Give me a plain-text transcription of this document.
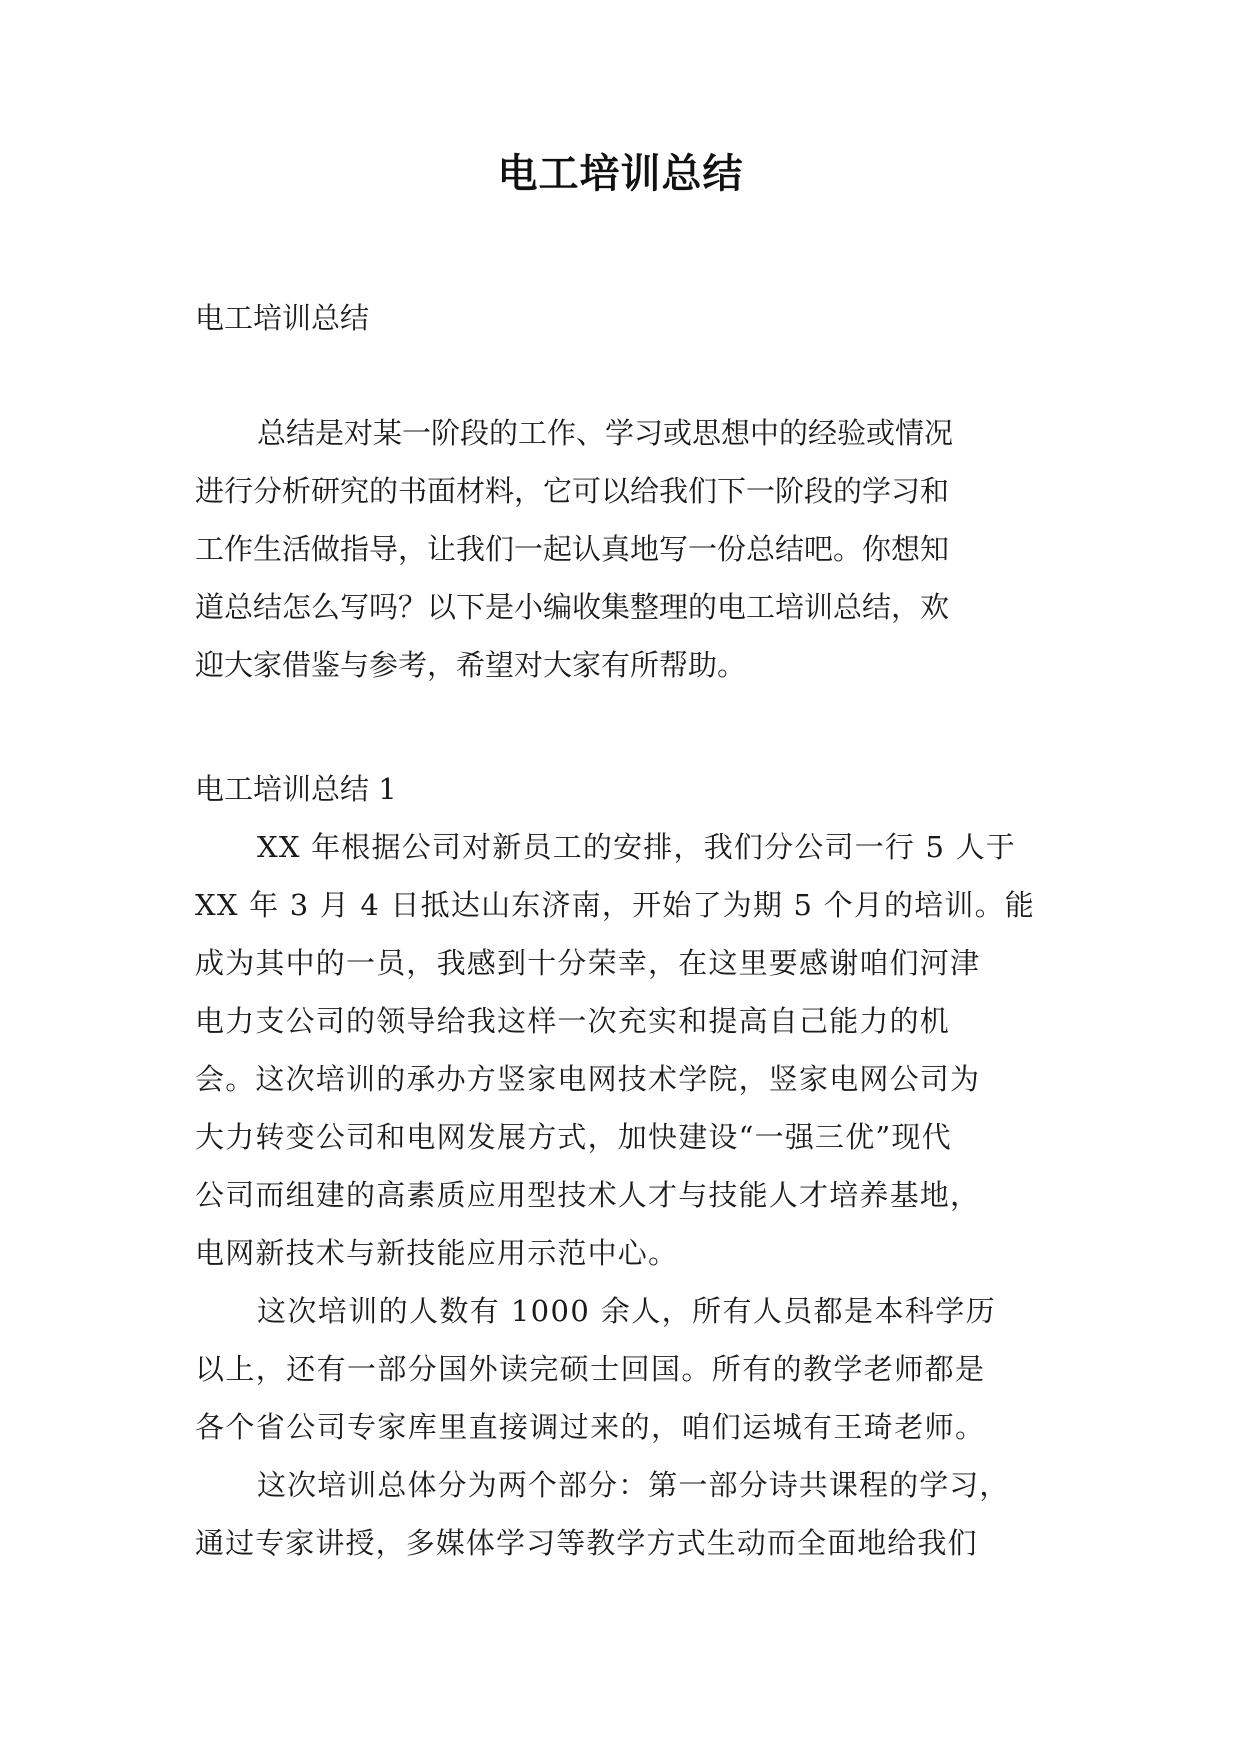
电工培训总结
电工培训总结
总结是对某一阶段的工作、学习或思想中的经验或情况
进行分析研究的书面材料，它可以给我们下一阶段的学习和
工作生活做指导，让我们一起认真地写一份总结吧。你想知
道总结怎么写吗？以下是小编收集整理的电工培训总结，欢
迎大家借鉴与参考，希望对大家有所帮助。
电工培训总结 1
XX 年根据公司对新员工的安排，我们分公司一行 5 人于
XX 年 3 月 4 日抵达山东济南，开始了为期 5 个月的培训。能
成为其中的一员，我感到十分荣幸，在这里要感谢咱们河津
电力支公司的领导给我这样一次充实和提高自己能力的机
会。这次培训的承办方竖家电网技术学院，竖家电网公司为
大力转变公司和电网发展方式，加快建设“一强三优”现代
公司而组建的高素质应用型技术人才与技能人才培养基地，
电网新技术与新技能应用示范中心。
这次培训的人数有 1000 余人，所有人员都是本科学历
以上，还有一部分国外读完硕士回国。所有的教学老师都是
各个省公司专家库里直接调过来的，咱们运城有王琦老师。
这次培训总体分为两个部分：第一部分诗共课程的学习，
通过专家讲授，多媒体学习等教学方式生动而全面地给我们
